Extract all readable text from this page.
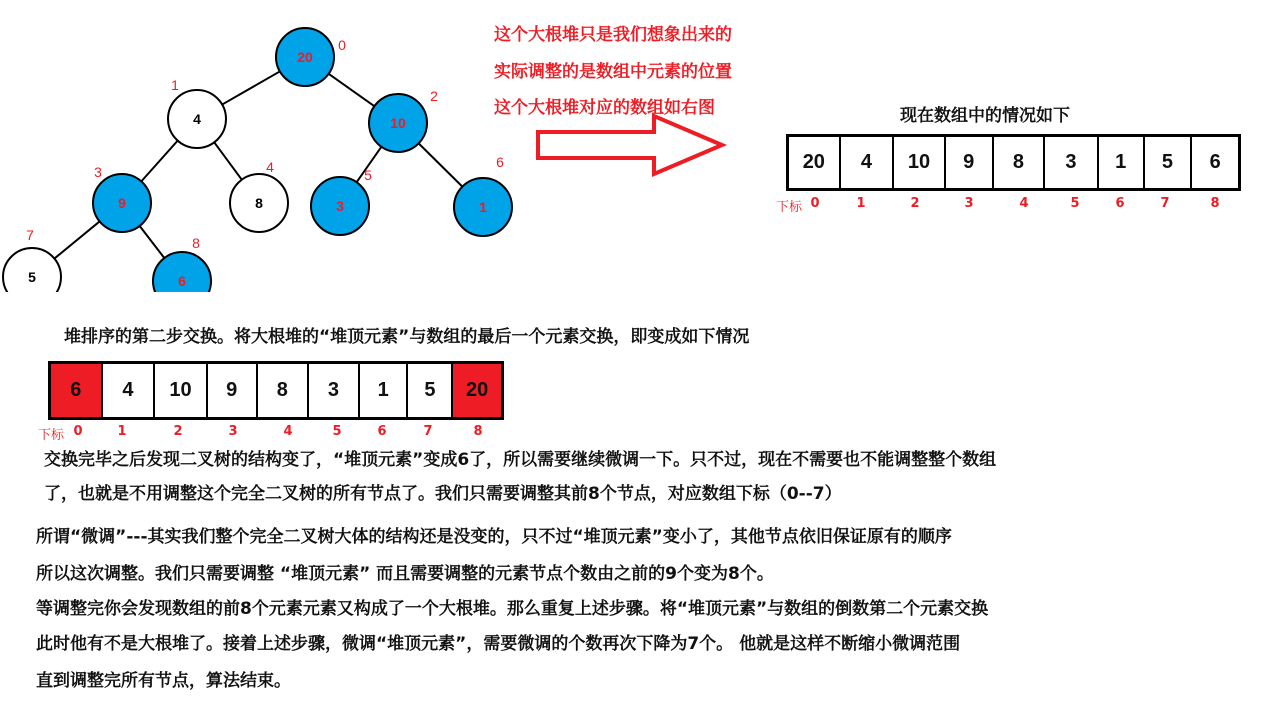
20
0
4
1
10
2
9
3
8
4
3
5
1
6
5
7
6
8
这个大根堆只是我们想象出来的
实际调整的是数组中元素的位置
这个大根堆对应的数组如右图	现在数组中的情况如下
20	4	10	9	8	3	1	5	6
下标 0	1	2	3	4	5	6	7	8
堆排序的第二步交换。将大根堆的“堆顶元素”与数组的最后一个元素交换，即变成如下情况
6	4	10	9	8	3	1	5	20
下标 0	1	2	3	4	5	6	7	8
交换完毕之后发现二叉树的结构变了，“堆顶元素”变成6了，所以需要继续微调一下。只不过，现在不需要也不能调整整个数组
了，也就是不用调整这个完全二叉树的所有节点了。我们只需要调整其前8个节点，对应数组下标（0--7）
所谓“微调”---其实我们整个完全二叉树大体的结构还是没变的，只不过“堆顶元素”变小了，其他节点依旧保证原有的顺序
所以这次调整。我们只需要调整 “堆顶元素” 而且需要调整的元素节点个数由之前的9个变为8个。
等调整完你会发现数组的前8个元素元素又构成了一个大根堆。那么重复上述步骤。将“堆顶元素”与数组的倒数第二个元素交换
此时他有不是大根堆了。接着上述步骤，微调“堆顶元素”，需要微调的个数再次下降为7个。 他就是这样不断缩小微调范围
直到调整完所有节点，算法结束。
